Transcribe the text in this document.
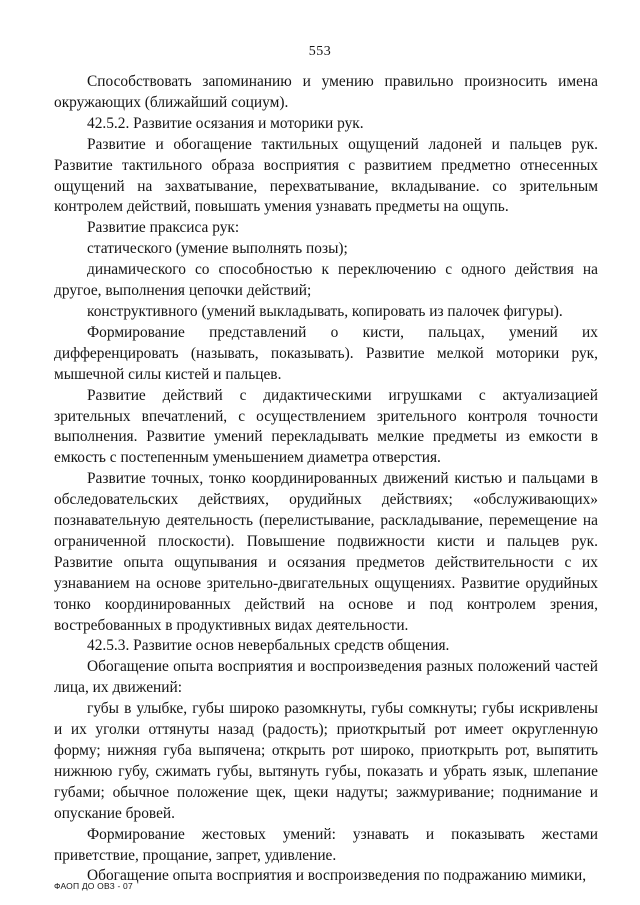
553

Способствовать запоминанию и умению правильно произносить имена окружающих (ближайший социум).

42.5.2. Развитие осязания и моторики рук.

Развитие и обогащение тактильных ощущений ладоней и пальцев рук. Развитие тактильного образа восприятия с развитием предметно отнесенных ощущений на захватывание, перехватывание, вкладывание. со зрительным контролем действий, повышать умения узнавать предметы на ощупь.

Развитие праксиса рук:

статического (умение выполнять позы);

динамического со способностью к переключению с одного действия на другое, выполнения цепочки действий;

конструктивного (умений выкладывать, копировать из палочек фигуры).

Формирование представлений о кисти, пальцах, умений их дифференцировать (называть, показывать). Развитие мелкой моторики рук, мышечной силы кистей и пальцев.

Развитие действий с дидактическими игрушками с актуализацией зрительных впечатлений, с осуществлением зрительного контроля точности выполнения. Развитие умений перекладывать мелкие предметы из емкости в емкость с постепенным уменьшением диаметра отверстия.

Развитие точных, тонко координированных движений кистью и пальцами в обследовательских действиях, орудийных действиях; «обслуживающих» познавательную деятельность (перелистывание, раскладывание, перемещение на ограниченной плоскости). Повышение подвижности кисти и пальцев рук. Развитие опыта ощупывания и осязания предметов действительности с их узнаванием на основе зрительно-двигательных ощущениях. Развитие орудийных тонко координированных действий на основе и под контролем зрения, востребованных в продуктивных видах деятельности.

42.5.3. Развитие основ невербальных средств общения.

Обогащение опыта восприятия и воспроизведения разных положений частей лица, их движений:

губы в улыбке, губы широко разомкнуты, губы сомкнуты; губы искривлены и их уголки оттянуты назад (радость); приоткрытый рот имеет округленную форму; нижняя губа выпячена; открыть рот широко, приоткрыть рот, выпятить нижнюю губу, сжимать губы, вытянуть губы, показать и убрать язык, шлепание губами; обычное положение щек, щеки надуты; зажмуривание; поднимание и опускание бровей.

Формирование жестовых умений: узнавать и показывать жестами приветствие, прощание, запрет, удивление.

Обогащение опыта восприятия и воспроизведения по подражанию мимики,

ФАОП ДО ОВЗ - 07
